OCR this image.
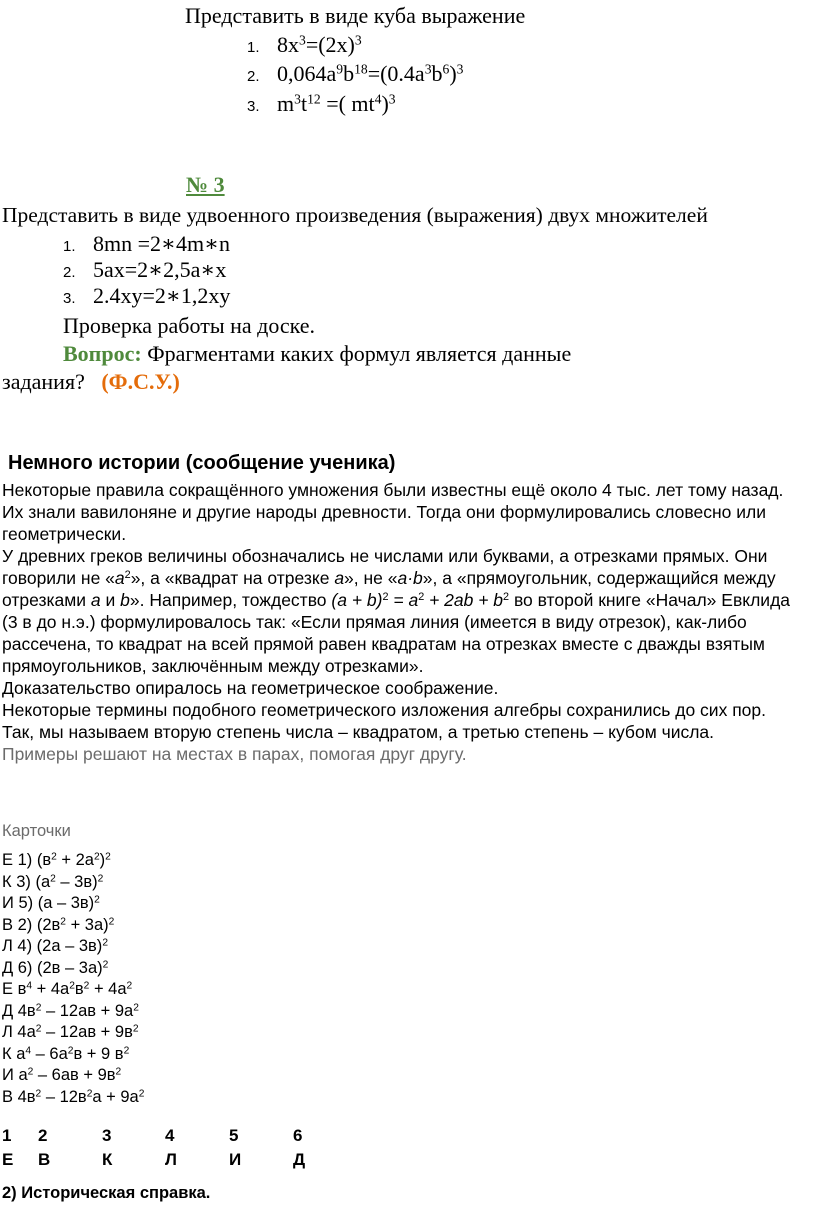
Представить в виде куба выражение
1. $8x^3=(2x)^3$
2. $0,064a^9b^{18}=(0.4a^3b^6)^3$
3. $m^3t^{12}$ =( $mt^4)^3$
№ 3
Представить в виде удвоенного произведения (выражения) двух множителей
1. 8mn =2∗4m∗n
2. 5ax=2∗2,5a∗x
3. 2.4xy=2∗1,2xy
Проверка работы на доске.
Вопрос: Фрагментами каких формул является данные
задания?   (Ф.С.У.)
Немного истории (сообщение ученика)

Некоторые правила сокращённого умножения были известны ещё около 4 тыс. лет тому назад. Их знали вавилоняне и другие народы древности. Тогда они формулировались словесно или геометрически.

У древних греков величины обозначались не числами или буквами, а отрезками прямых. Они говорили не «$a^2$», а «квадрат на отрезке a», не «a·b», а «прямоугольник, содержащийся между отрезками a и b». Например, тождество $(a + b)^2 = a^2 + 2ab + b^2$ во второй книге «Начал» Евклида (3 в до н.э.) формулировалось так: «Если прямая линия (имеется в виду отрезок), как-либо рассечена, то квадрат на всей прямой равен квадратам на отрезках вместе с дважды взятым прямоугольников, заключённым между отрезками».

Доказательство опиралось на геометрическое соображение.

Некоторые термины подобного геометрического изложения алгебры сохранились до сих пор. Так, мы называем вторую степень числа – квадратом, а третью степень – кубом числа.

Примеры решают на местах в парах, помогая друг другу.

Карточки
Е 1) $(в^2 + 2а^2)^2$
К 3) $(а^2 - 3в)^2$
И 5) (а – 3в)$^2$
В 2) $(2в^2 + 3а)^2$
Л 4) (2а – 3в)$^2$
Д 6) (2в – 3а)$^2$
Е $в^4 + 4а^2в^2 + 4а^2$
Д $4в^2 - 12ав + 9а^2$
Л $4а^2 - 12ав + 9в^2$
К $а^4 - 6а^2в + 9$ $в^2$
И $а^2 - 6ав + 9в^2$
В $4в^2 - 12в^2а + 9а^2$
1 2	3	4	5	6
Е В	К	Л	И	Д
2) Историческая справка.
